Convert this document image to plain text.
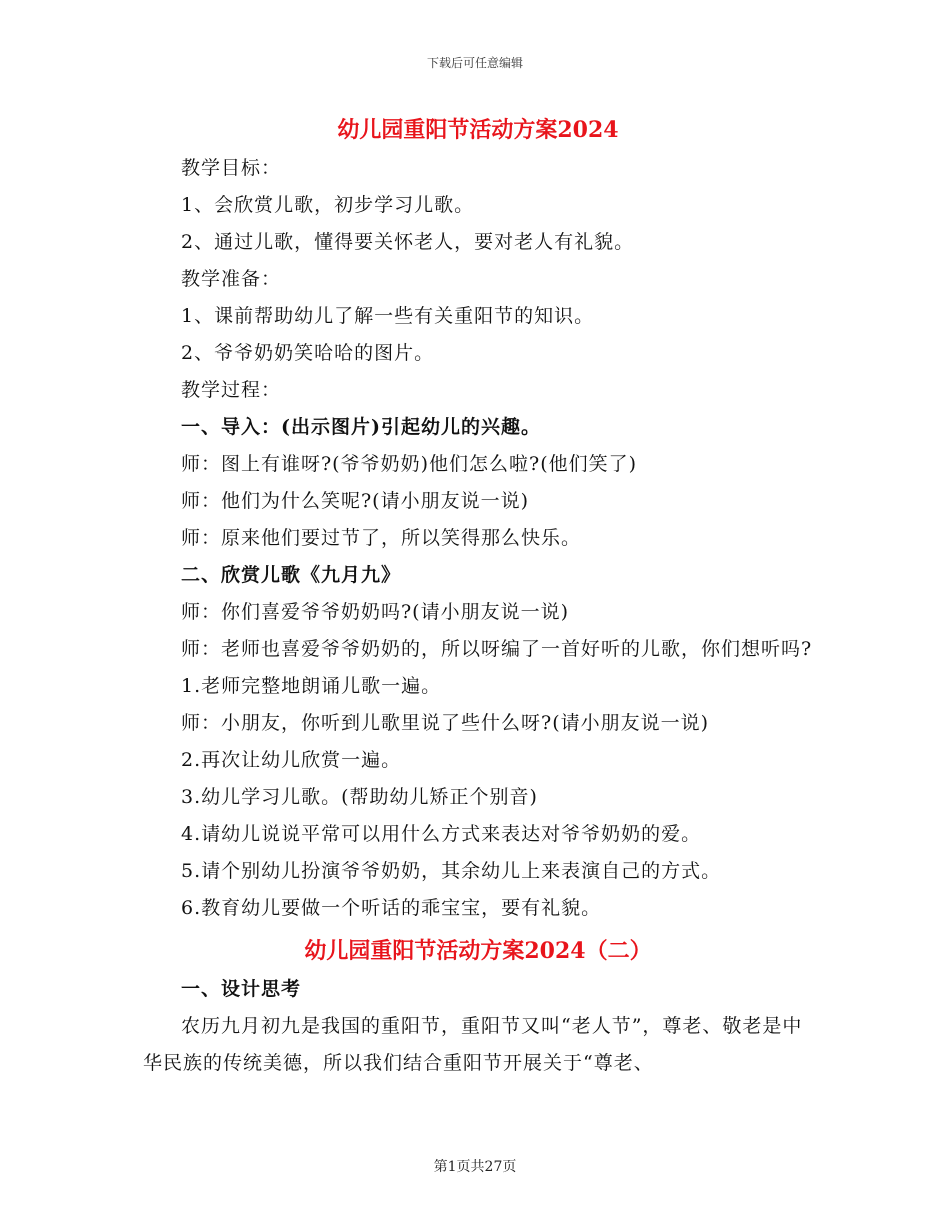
下载后可任意编辑
幼儿园重阳节活动方案2024
教学目标：
1、会欣赏儿歌，初步学习儿歌。
2、通过儿歌，懂得要关怀老人，要对老人有礼貌。
教学准备：
1、课前帮助幼儿了解一些有关重阳节的知识。
2、爷爷奶奶笑哈哈的图片。
教学过程：
一、导入：(出示图片)引起幼儿的兴趣。
师：图上有谁呀?(爷爷奶奶)他们怎么啦?(他们笑了)
师：他们为什么笑呢?(请小朋友说一说)
师：原来他们要过节了，所以笑得那么快乐。
二、欣赏儿歌《九月九》
师：你们喜爱爷爷奶奶吗?(请小朋友说一说)
师：老师也喜爱爷爷奶奶的，所以呀编了一首好听的儿歌，你们想听吗?
1.老师完整地朗诵儿歌一遍。
师：小朋友，你听到儿歌里说了些什么呀?(请小朋友说一说)
2.再次让幼儿欣赏一遍。
3.幼儿学习儿歌。(帮助幼儿矫正个别音)
4.请幼儿说说平常可以用什么方式来表达对爷爷奶奶的爱。
5.请个别幼儿扮演爷爷奶奶，其余幼儿上来表演自己的方式。
6.教育幼儿要做一个听话的乖宝宝，要有礼貌。
幼儿园重阳节活动方案2024（二）
一、设计思考
农历九月初九是我国的重阳节，重阳节又叫“老人节”，尊老、敬老是中华民族的传统美德，所以我们结合重阳节开展关于“尊老、
第1页共27页
